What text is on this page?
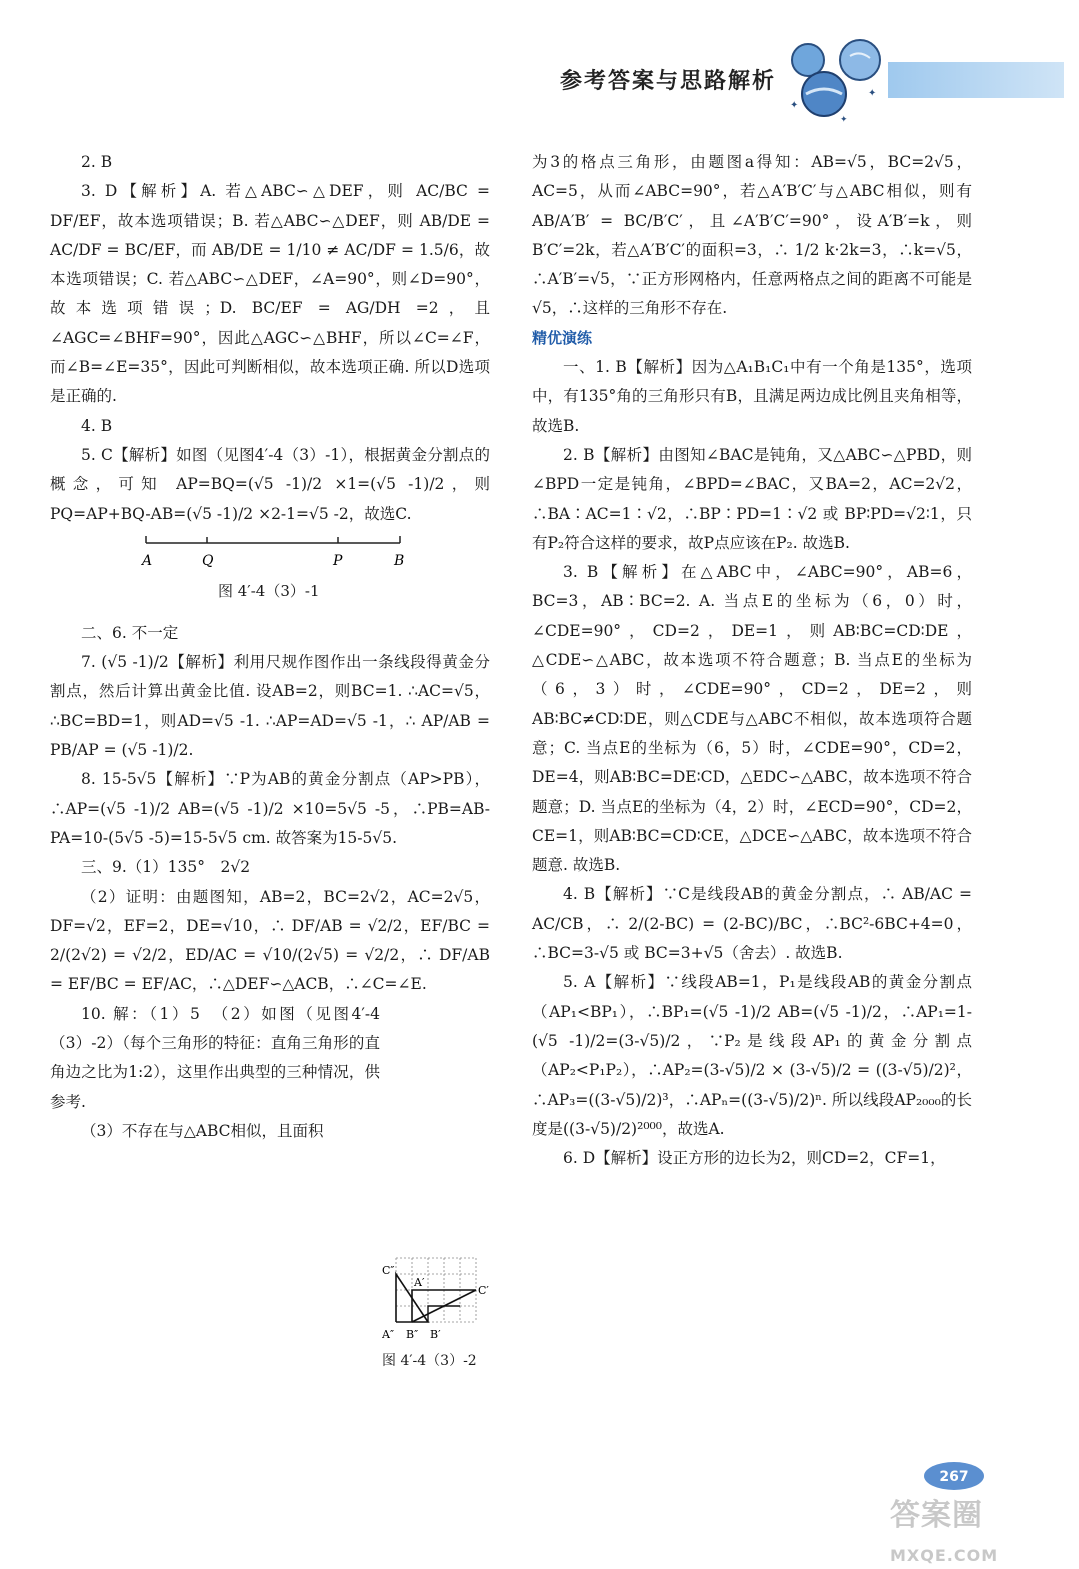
参考答案与思路解析
✦
✦
✦

2. B

3. D【解析】A. 若△ABC∽△DEF，则 AC/BC = DF/EF，故本选项错误；B. 若△ABC∽△DEF，则 AB/DE = AC/DF = BC/EF，而 AB/DE = 1/10 ≠ AC/DF = 1.5/6，故本选项错误；C. 若△ABC∽△DEF，∠A=90°，则∠D=90°，故本选项错误；D. BC/EF = AG/DH =2，且∠AGC=∠BHF=90°，因此△AGC∽△BHF，所以∠C=∠F，而∠B=∠E=35°，因此可判断相似，故本选项正确. 所以D选项是正确的.

4. B

5. C【解析】如图（见图4′-4（3）-1），根据黄金分割点的概念，可知 AP=BQ=(√5 -1)/2 ×1=(√5 -1)/2，则 PQ=AP+BQ-AB=(√5 -1)/2 ×2-1=√5 -2，故选C.

A	Q	P	B
图 4′-4（3）-1

二、6. 不一定

7. (√5 -1)/2【解析】利用尺规作图作出一条线段得黄金分割点，然后计算出黄金比值. 设AB=2，则BC=1. ∴AC=√5，∴BC=BD=1，则AD=√5 -1. ∴AP=AD=√5 -1，∴ AP/AB = PB/AP = (√5 -1)/2.

8. 15-5√5【解析】∵P为AB的黄金分割点（AP>PB），∴AP=(√5 -1)/2 AB=(√5 -1)/2 ×10=5√5 -5，∴PB=AB-PA=10-(5√5 -5)=15-5√5 cm. 故答案为15-5√5.

三、9.（1）135°　2√2

（2）证明：由题图知，AB=2，BC=2√2，AC=2√5，DF=√2，EF=2，DE=√10，∴ DF/AB = √2/2，EF/BC = 2/(2√2) = √2/2，ED/AC = √10/(2√5) = √2/2，∴ DF/AB = EF/BC = EF/AC，∴△DEF∽△ACB，∴∠C=∠E.

10. 解：（1）5　（2）如图（见图4′-4（3）-2）（每个三角形的特征：直角三角形的直角边之比为1:2），这里作出典型的三种情况，供参考.

（3）不存在与△ABC相似，且面积

C″
A′
C′
A″ B″ B′
图 4′-4（3）-2

为3的格点三角形，由题图a得知：AB=√5，BC=2√5，AC=5，从而∠ABC=90°，若△A′B′C′与△ABC相似，则有 AB/A′B′ = BC/B′C′，且∠A′B′C′=90°，设A′B′=k，则B′C′=2k，若△A′B′C′的面积=3，∴ 1/2 k·2k=3，∴k=√5，∴A′B′=√5，∵正方形网格内，任意两格点之间的距离不可能是√5，∴这样的三角形不存在.

精优演练

一、1. B【解析】因为△A₁B₁C₁中有一个角是135°，选项中，有135°角的三角形只有B，且满足两边成比例且夹角相等，故选B.

2. B【解析】由图知∠BAC是钝角，又△ABC∽△PBD，则∠BPD一定是钝角，∠BPD=∠BAC，又BA=2，AC=2√2，∴BA∶AC=1∶√2，∴BP∶PD=1∶√2 或 BP∶PD=√2∶1，只有P₂符合这样的要求，故P点应该在P₂. 故选B.

3. B【解析】在△ABC中，∠ABC=90°，AB=6，BC=3，AB∶BC=2. A. 当点E的坐标为（6，0）时，∠CDE=90°，CD=2，DE=1，则AB∶BC=CD∶DE，△CDE∽△ABC，故本选项不符合题意；B. 当点E的坐标为（6，3）时，∠CDE=90°，CD=2，DE=2，则AB∶BC≠CD∶DE，则△CDE与△ABC不相似，故本选项符合题意；C. 当点E的坐标为（6，5）时，∠CDE=90°，CD=2，DE=4，则AB∶BC=DE∶CD，△EDC∽△ABC，故本选项不符合题意；D. 当点E的坐标为（4，2）时，∠ECD=90°，CD=2，CE=1，则AB∶BC=CD∶CE，△DCE∽△ABC，故本选项不符合题意. 故选B.

4. B【解析】∵C是线段AB的黄金分割点，∴ AB/AC = AC/CB，∴ 2/(2-BC) = (2-BC)/BC，∴BC²-6BC+4=0，∴BC=3-√5 或 BC=3+√5（舍去）. 故选B.

5. A【解析】∵线段AB=1，P₁是线段AB的黄金分割点（AP₁<BP₁），∴BP₁=(√5 -1)/2 AB=(√5 -1)/2，∴AP₁=1-(√5 -1)/2=(3-√5)/2，∵P₂是线段AP₁的黄金分割点（AP₂<P₁P₂），∴AP₂=(3-√5)/2 × (3-√5)/2 = ((3-√5)/2)²，∴AP₃=((3-√5)/2)³，∴APₙ=((3-√5)/2)ⁿ. 所以线段AP₂₀₀₀的长度是((3-√5)/2)²⁰⁰⁰，故选A.

6. D【解析】设正方形的边长为2，则CD=2，CF=1，

267
答案圈 MXQE.COM
